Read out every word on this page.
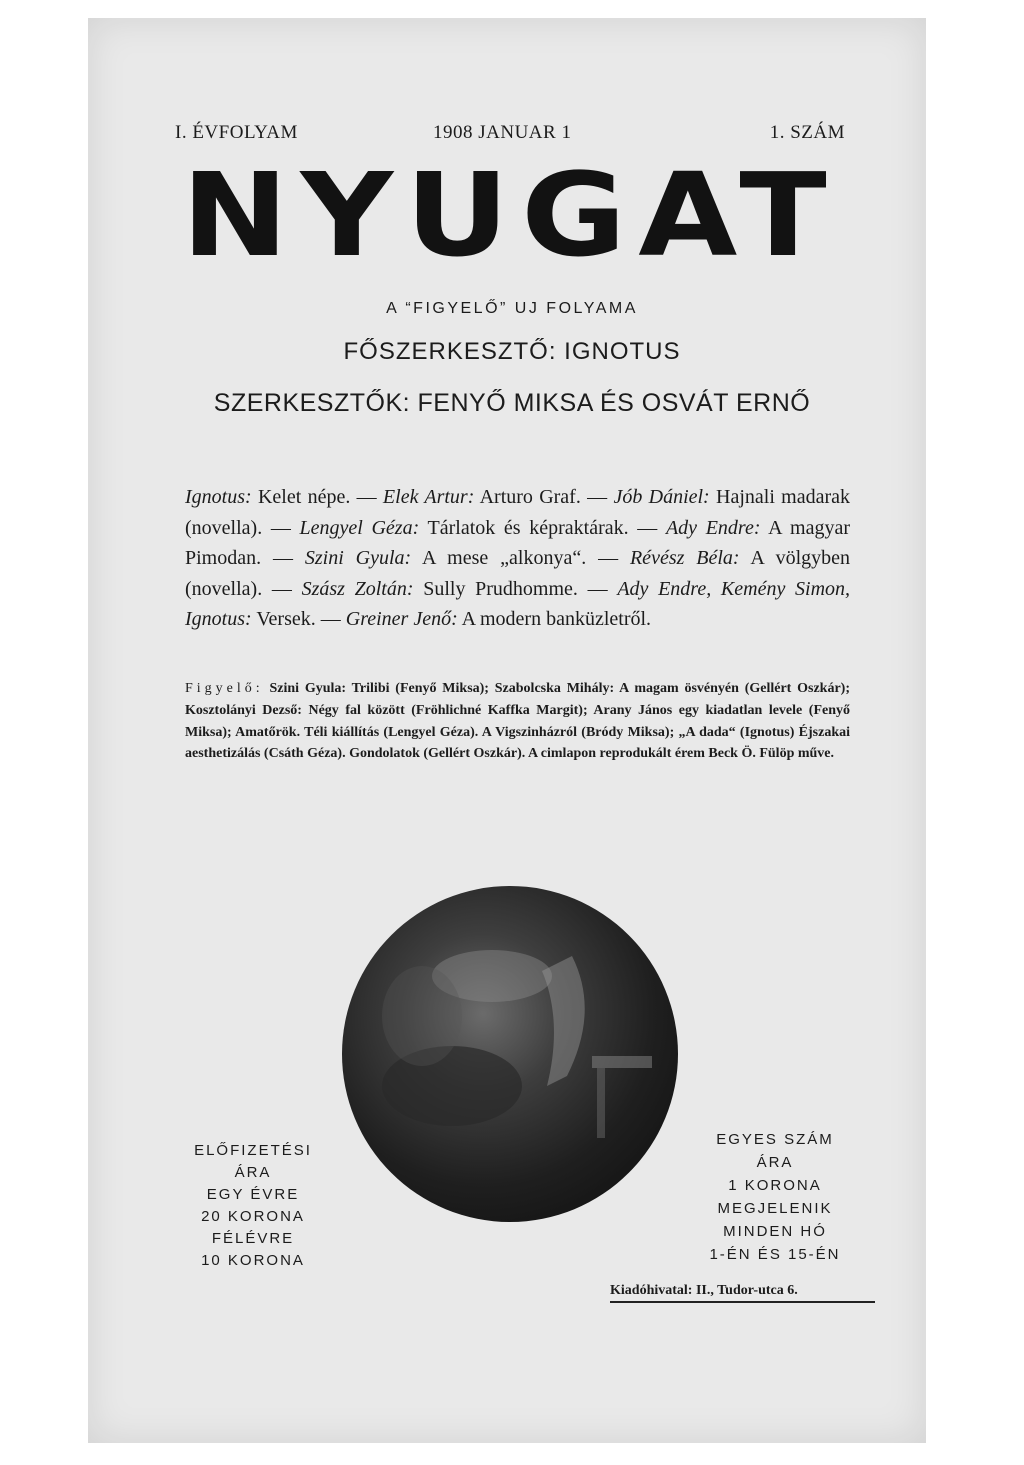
I. ÉVFOLYAM	1908 JANUAR 1	1. SZÁM
NYUGAT
A “FIGYELŐ” UJ FOLYAMA
FŐSZERKESZTŐ: IGNOTUS
SZERKESZTŐK: FENYŐ MIKSA ÉS OSVÁT ERNŐ
Ignotus: Kelet népe. — Elek Artur: Arturo Graf. — Jób Dániel: Hajnali madarak (novella). — Lengyel Géza: Tárlatok és képraktárak. — Ady Endre: A magyar Pimodan. — Szini Gyula: A mese „alkonya“. — Révész Béla: A völgyben (novella). — Szász Zoltán: Sully Prudhomme. — Ady Endre, Kemény Simon, Ignotus: Versek. — Greiner Jenő: A modern banküzletről.
Figyelő: Szini Gyula: Trilibi (Fenyő Miksa); Szabolcska Mihály: A magam ösvényén (Gellért Oszkár); Kosztolányi Dezső: Négy fal között (Fröhlichné Kaffka Margit); Arany János egy kiadatlan levele (Fenyő Miksa); Amatőrök. Téli kiállítás (Lengyel Géza). A Vigszinházról (Bródy Miksa); „A dada“ (Ignotus) Éjszakai aesthetizálás (Csáth Géza). Gondolatok (Gellért Oszkár). A cimlapon reprodukált érem Beck Ö. Fülöp műve.
ELŐFIZETÉSI
ÁRA
EGY ÉVRE
20 KORONA
FÉLÉVRE
10 KORONA
EGYES SZÁM
ÁRA
1 KORONA
MEGJELENIK
MINDEN HÓ
1-ÉN ÉS 15-ÉN
Kiadóhivatal: II., Tudor-utca 6.
